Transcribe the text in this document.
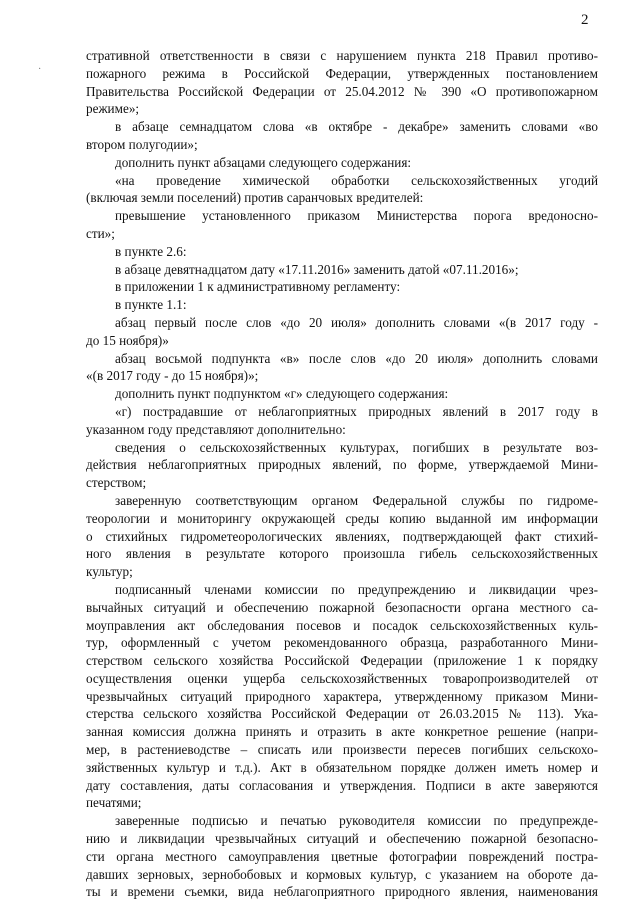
2
·
стративной ответственности в связи с нарушением пункта 218 Правил противо-
пожарного режима в Российской Федерации, утвержденных постановлением
Правительства Российской Федерации от 25.04.2012 № 390 «О противопожарном
режиме»;
в абзаце семнадцатом слова «в октябре - декабре» заменить словами «во
втором полугодии»;
дополнить пункт абзацами следующего содержания:
«на проведение химической обработки сельскохозяйственных угодий
(включая земли поселений) против саранчовых вредителей:
превышение установленного приказом Министерства порога вредоносно-
сти»;
в пункте 2.6:
в абзаце девятнадцатом дату «17.11.2016» заменить датой «07.11.2016»;
в приложении 1 к административному регламенту:
в пункте 1.1:
абзац первый после слов «до 20 июля» дополнить словами «(в 2017 году -
до 15 ноября)»
абзац восьмой подпункта «в» после слов «до 20 июля» дополнить словами
«(в 2017 году - до 15 ноября)»;
дополнить пункт подпунктом «г» следующего содержания:
«г) пострадавшие от неблагоприятных природных явлений в 2017 году в
указанном году представляют дополнительно:
сведения о сельскохозяйственных культурах, погибших в результате воз-
действия неблагоприятных природных явлений, по форме, утверждаемой Мини-
стерством;
заверенную соответствующим органом Федеральной службы по гидроме-
теорологии и мониторингу окружающей среды копию выданной им информации
о стихийных гидрометеорологических явлениях, подтверждающей факт стихий-
ного явления в результате которого произошла гибель сельскохозяйственных
культур;
подписанный членами комиссии по предупреждению и ликвидации чрез-
вычайных ситуаций и обеспечению пожарной безопасности органа местного са-
моуправления акт обследования посевов и посадок сельскохозяйственных куль-
тур, оформленный с учетом рекомендованного образца, разработанного Мини-
стерством сельского хозяйства Российской Федерации (приложение 1 к порядку
осуществления оценки ущерба сельскохозяйственных товаропроизводителей от
чрезвычайных ситуаций природного характера, утвержденному приказом Мини-
стерства сельского хозяйства Российской Федерации от 26.03.2015 № 113). Ука-
занная комиссия должна принять и отразить в акте конкретное решение (напри-
мер, в растениеводстве – списать или произвести пересев погибших сельскохо-
зяйственных культур и т.д.). Акт в обязательном порядке должен иметь номер и
дату составления, даты согласования и утверждения. Подписи в акте заверяются
печатями;
заверенные подписью и печатью руководителя комиссии по предупрежде-
нию и ликвидации чрезвычайных ситуаций и обеспечению пожарной безопасно-
сти органа местного самоуправления цветные фотографии повреждений постра-
давших зерновых, зернобобовых и кормовых культур, с указанием на обороте да-
ты и времени съемки, вида неблагоприятного природного явления, наименования
